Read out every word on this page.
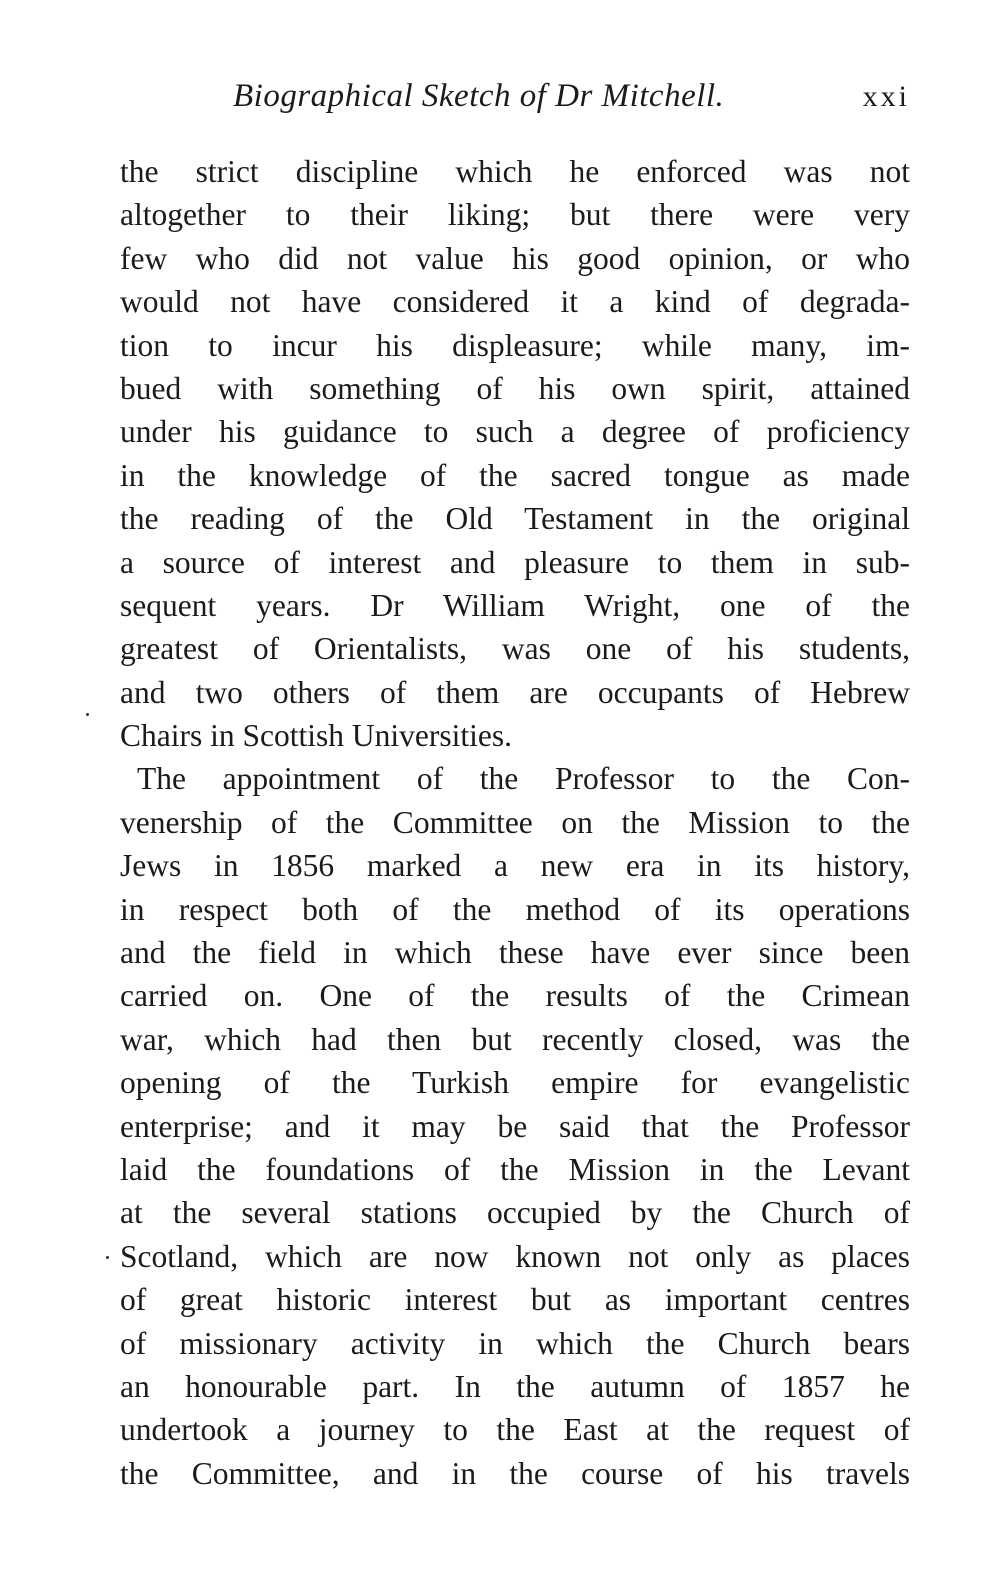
Biographical Sketch of Dr Mitchell.	xxi
the strict discipline which he enforced was not
altogether to their liking; but there were very
few who did not value his good opinion, or who
would not have considered it a kind of degrada-
tion to incur his displeasure; while many, im-
bued with something of his own spirit, attained
under his guidance to such a degree of proficiency
in the knowledge of the sacred tongue as made
the reading of the Old Testament in the original
a source of interest and pleasure to them in sub-
sequent years. Dr William Wright, one of the
greatest of Orientalists, was one of his students,
and two others of them are occupants of Hebrew
Chairs in Scottish Universities.
The appointment of the Professor to the Con-
venership of the Committee on the Mission to the
Jews in 1856 marked a new era in its history,
in respect both of the method of its operations
and the field in which these have ever since been
carried on. One of the results of the Crimean
war, which had then but recently closed, was the
opening of the Turkish empire for evangelistic
enterprise; and it may be said that the Professor
laid the foundations of the Mission in the Levant
at the several stations occupied by the Church of
Scotland, which are now known not only as places
of great historic interest but as important centres
of missionary activity in which the Church bears
an honourable part. In the autumn of 1857 he
undertook a journey to the East at the request of
the Committee, and in the course of his travels
